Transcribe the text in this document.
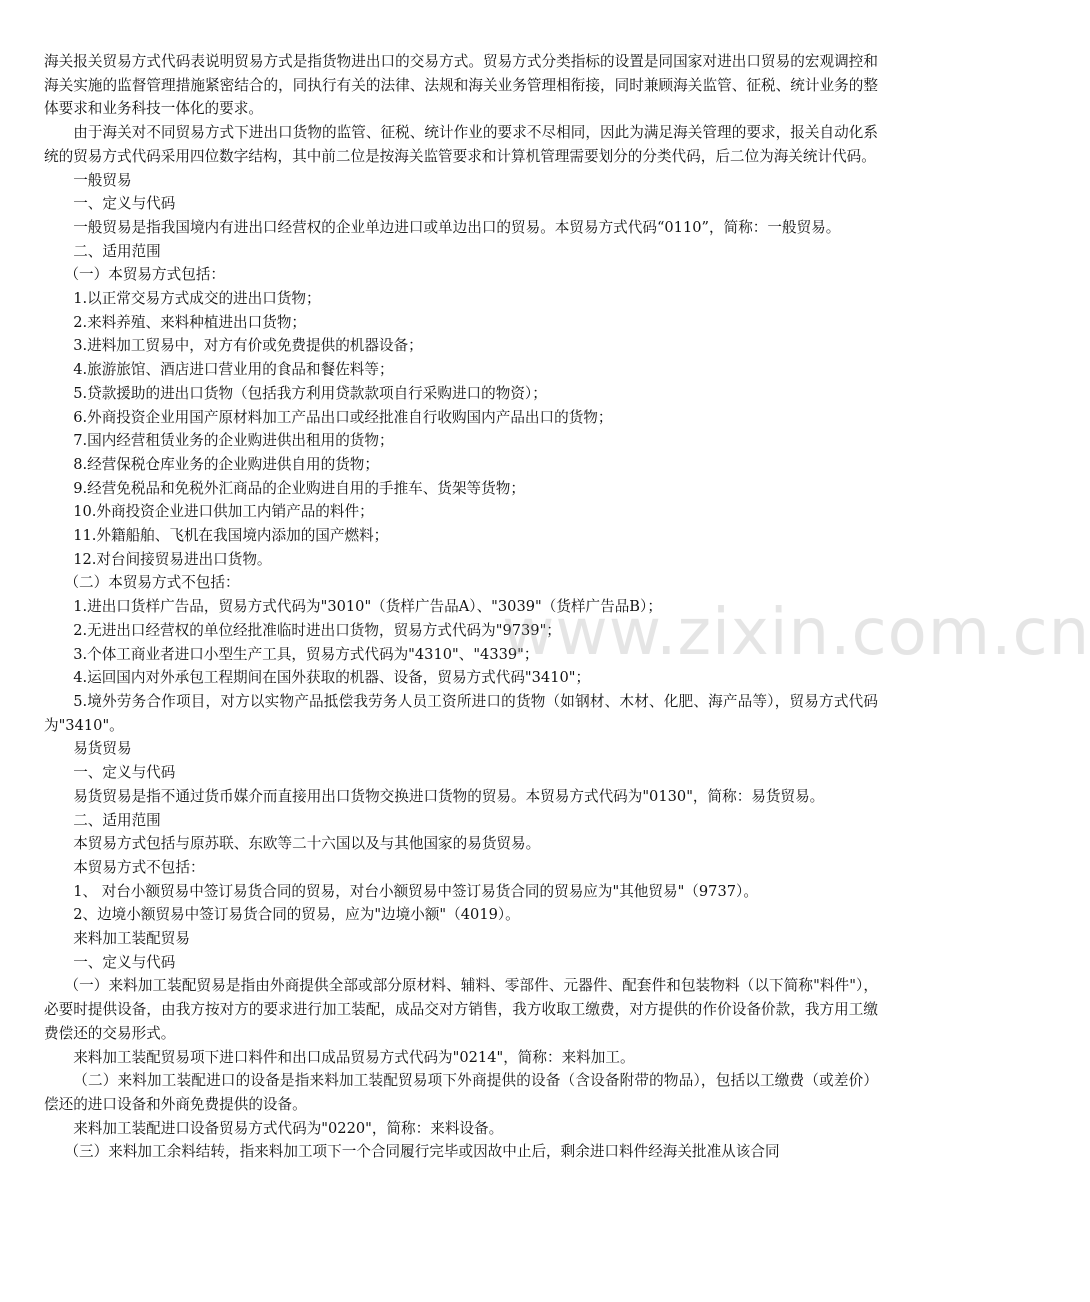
海关报关贸易方式代码表说明贸易方式是指货物进出口的交易方式。贸易方式分类指标的设置是同国家对进出口贸易的宏观调控和海关实施的监督管理措施紧密结合的，同执行有关的法律、法规和海关业务管理相衔接，同时兼顾海关监管、征税、统计业务的整体要求和业务科技一体化的要求。

由于海关对不同贸易方式下进出口货物的监管、征税、统计作业的要求不尽相同，因此为满足海关管理的要求，报关自动化系统的贸易方式代码采用四位数字结构，其中前二位是按海关监管要求和计算机管理需要划分的分类代码，后二位为海关统计代码。

一般贸易

一、定义与代码

一般贸易是指我国境内有进出口经营权的企业单边进口或单边出口的贸易。本贸易方式代码“0110”，简称：一般贸易。

二、适用范围

（一）本贸易方式包括：

1.以正常交易方式成交的进出口货物；

2.来料养殖、来料种植进出口货物；

3.进料加工贸易中，对方有价或免费提供的机器设备；

4.旅游旅馆、酒店进口营业用的食品和餐佐料等；

5.贷款援助的进出口货物（包括我方利用贷款款项自行采购进口的物资）；

6.外商投资企业用国产原材料加工产品出口或经批准自行收购国内产品出口的货物；

7.国内经营租赁业务的企业购进供出租用的货物；

8.经营保税仓库业务的企业购进供自用的货物；

9.经营免税品和免税外汇商品的企业购进自用的手推车、货架等货物；

10.外商投资企业进口供加工内销产品的料件；

11.外籍船舶、飞机在我国境内添加的国产燃料；

12.对台间接贸易进出口货物。

（二）本贸易方式不包括：

1.进出口货样广告品，贸易方式代码为"3010"（货样广告品A）、"3039"（货样广告品B）；

2.无进出口经营权的单位经批准临时进出口货物，贸易方式代码为"9739"；

3.个体工商业者进口小型生产工具，贸易方式代码为"4310"、"4339"；

4.运回国内对外承包工程期间在国外获取的机器、设备，贸易方式代码"3410"；

5.境外劳务合作项目，对方以实物产品抵偿我劳务人员工资所进口的货物（如钢材、木材、化肥、海产品等），贸易方式代码为"3410"。

易货贸易

一、定义与代码

易货贸易是指不通过货币媒介而直接用出口货物交换进口货物的贸易。本贸易方式代码为"0130"，简称：易货贸易。

二、适用范围

本贸易方式包括与原苏联、东欧等二十六国以及与其他国家的易货贸易。

本贸易方式不包括：

1、 对台小额贸易中签订易货合同的贸易，对台小额贸易中签订易货合同的贸易应为"其他贸易"（9737）。

2、边境小额贸易中签订易货合同的贸易，应为"边境小额"（4019）。

来料加工装配贸易

一、定义与代码

（一）来料加工装配贸易是指由外商提供全部或部分原材料、辅料、零部件、元器件、配套件和包装物料（以下简称"料件"），必要时提供设备，由我方按对方的要求进行加工装配，成品交对方销售，我方收取工缴费，对方提供的作价设备价款，我方用工缴费偿还的交易形式。

来料加工装配贸易项下进口料件和出口成品贸易方式代码为"0214"，简称：来料加工。

（二）来料加工装配进口的设备是指来料加工装配贸易项下外商提供的设备（含设备附带的物品），包括以工缴费（或差价）偿还的进口设备和外商免费提供的设备。

来料加工装配进口设备贸易方式代码为"0220"，简称：来料设备。

（三）来料加工余料结转，指来料加工项下一个合同履行完毕或因故中止后，剩余进口料件经海关批准从该合同

www.zixin.com.cn
